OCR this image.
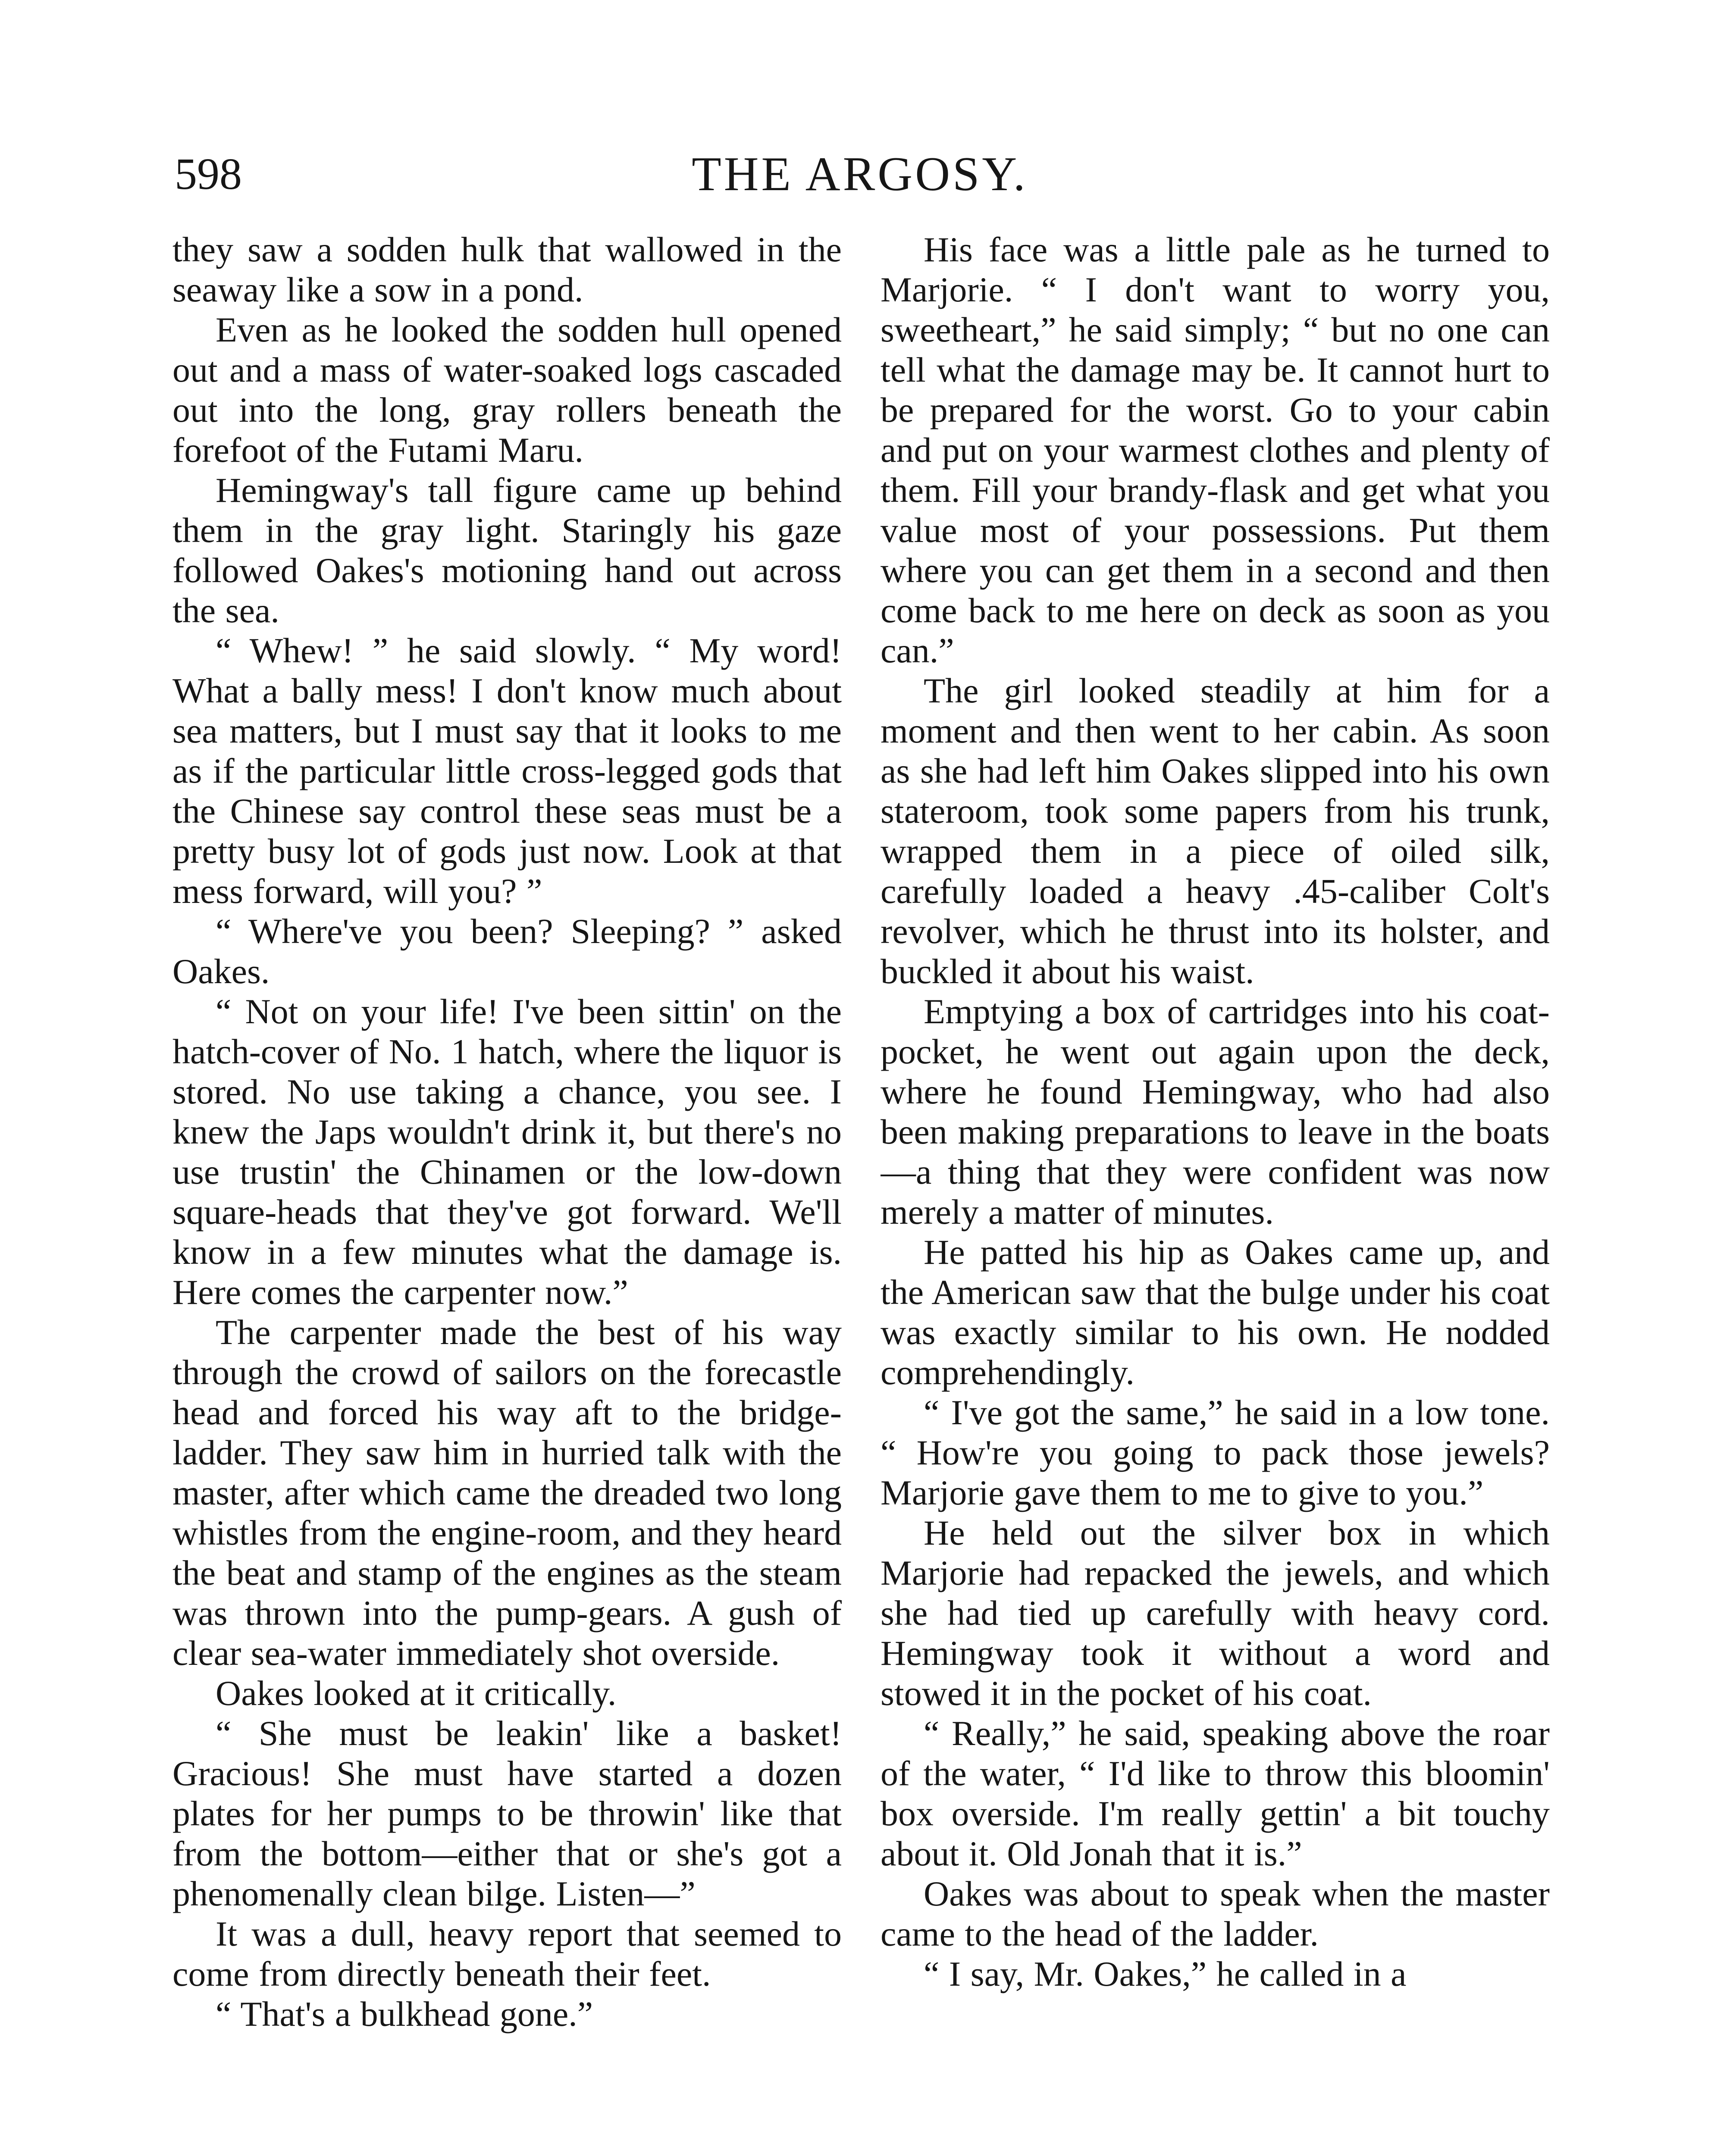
598	THE ARGOSY.

they saw a sodden hulk that wallowed in the seaway like a sow in a pond.

Even as he looked the sodden hull opened out and a mass of water-soaked logs cascaded out into the long, gray rollers beneath the forefoot of the Futami Maru.

Hemingway's tall figure came up behind them in the gray light. Staringly his gaze followed Oakes's motioning hand out across the sea.

“ Whew! ” he said slowly. “ My word! What a bally mess! I don't know much about sea matters, but I must say that it looks to me as if the particular little cross-legged gods that the Chinese say control these seas must be a pretty busy lot of gods just now. Look at that mess forward, will you? ”

“ Where've you been? Sleeping? ” asked Oakes.

“ Not on your life! I've been sittin' on the hatch-cover of No. 1 hatch, where the liquor is stored. No use taking a chance, you see. I knew the Japs wouldn't drink it, but there's no use trustin' the Chinamen or the low-down square-heads that they've got forward. We'll know in a few minutes what the damage is. Here comes the carpenter now.”

The carpenter made the best of his way through the crowd of sailors on the forecastle head and forced his way aft to the bridge-ladder. They saw him in hurried talk with the master, after which came the dreaded two long whistles from the engine-room, and they heard the beat and stamp of the engines as the steam was thrown into the pump-gears. A gush of clear sea-water immediately shot overside.

Oakes looked at it critically.

“ She must be leakin' like a basket! Gracious! She must have started a dozen plates for her pumps to be throwin' like that from the bottom—either that or she's got a phenomenally clean bilge. Listen—”

It was a dull, heavy report that seemed to come from directly beneath their feet.

“ That's a bulkhead gone.”

His face was a little pale as he turned to Marjorie. “ I don't want to worry you, sweetheart,” he said simply; “ but no one can tell what the damage may be. It cannot hurt to be prepared for the worst. Go to your cabin and put on your warmest clothes and plenty of them. Fill your brandy-flask and get what you value most of your possessions. Put them where you can get them in a second and then come back to me here on deck as soon as you can.”

The girl looked steadily at him for a moment and then went to her cabin. As soon as she had left him Oakes slipped into his own stateroom, took some papers from his trunk, wrapped them in a piece of oiled silk, carefully loaded a heavy .45-caliber Colt's revolver, which he thrust into its holster, and buckled it about his waist.

Emptying a box of cartridges into his coat-pocket, he went out again upon the deck, where he found Hemingway, who had also been making preparations to leave in the boats—a thing that they were confident was now merely a matter of minutes.

He patted his hip as Oakes came up, and the American saw that the bulge under his coat was exactly similar to his own. He nodded comprehendingly.

“ I've got the same,” he said in a low tone. “ How're you going to pack those jewels? Marjorie gave them to me to give to you.”

He held out the silver box in which Marjorie had repacked the jewels, and which she had tied up carefully with heavy cord. Hemingway took it without a word and stowed it in the pocket of his coat.

“ Really,” he said, speaking above the roar of the water, “ I'd like to throw this bloomin' box overside. I'm really gettin' a bit touchy about it. Old Jonah that it is.”

Oakes was about to speak when the master came to the head of the ladder.

“ I say, Mr. Oakes,” he called in a
